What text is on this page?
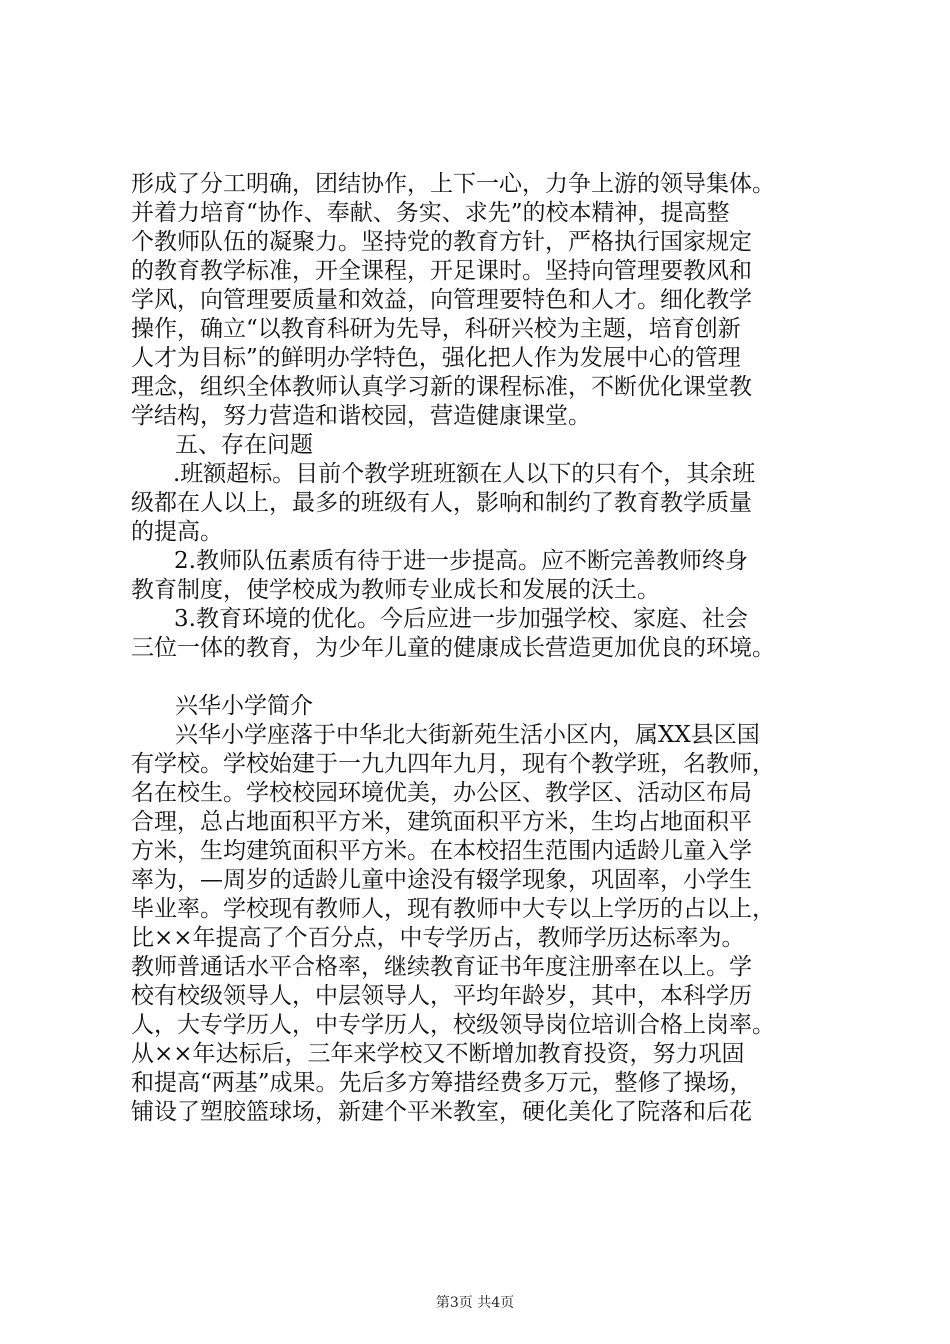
形成了分工明确，团结协作，上下一心，力争上游的领导集体。
并着力培育“协作、奉献、务实、求先”的校本精神，提高整
个教师队伍的凝聚力。坚持党的教育方针，严格执行国家规定
的教育教学标准，开全课程，开足课时。坚持向管理要教风和
学风，向管理要质量和效益，向管理要特色和人才。细化教学
操作，确立“以教育科研为先导，科研兴校为主题，培育创新
人才为目标”的鲜明办学特色，强化把人作为发展中心的管理
理念，组织全体教师认真学习新的课程标准，不断优化课堂教
学结构，努力营造和谐校园，营造健康课堂。
五、存在问题
.班额超标。目前个教学班班额在人以下的只有个，其余班
级都在人以上，最多的班级有人，影响和制约了教育教学质量
的提高。
2.教师队伍素质有待于进一步提高。应不断完善教师终身
教育制度，使学校成为教师专业成长和发展的沃土。
3.教育环境的优化。今后应进一步加强学校、家庭、社会
三位一体的教育，为少年儿童的健康成长营造更加优良的环境。
兴华小学简介
兴华小学座落于中华北大街新苑生活小区内，属XX县区国
有学校。学校始建于一九九四年九月，现有个教学班，名教师，
名在校生。学校校园环境优美，办公区、教学区、活动区布局
合理，总占地面积平方米，建筑面积平方米，生均占地面积平
方米，生均建筑面积平方米。在本校招生范围内适龄儿童入学
率为，—周岁的适龄儿童中途没有辍学现象，巩固率，小学生
毕业率。学校现有教师人，现有教师中大专以上学历的占以上，
比××年提高了个百分点，中专学历占，教师学历达标率为。
教师普通话水平合格率，继续教育证书年度注册率在以上。学
校有校级领导人，中层领导人，平均年龄岁，其中，本科学历
人，大专学历人，中专学历人，校级领导岗位培训合格上岗率。
从××年达标后，三年来学校又不断增加教育投资，努力巩固
和提高“两基”成果。先后多方筹措经费多万元，整修了操场，
铺设了塑胶篮球场，新建个平米教室，硬化美化了院落和后花
第3页 共4页
